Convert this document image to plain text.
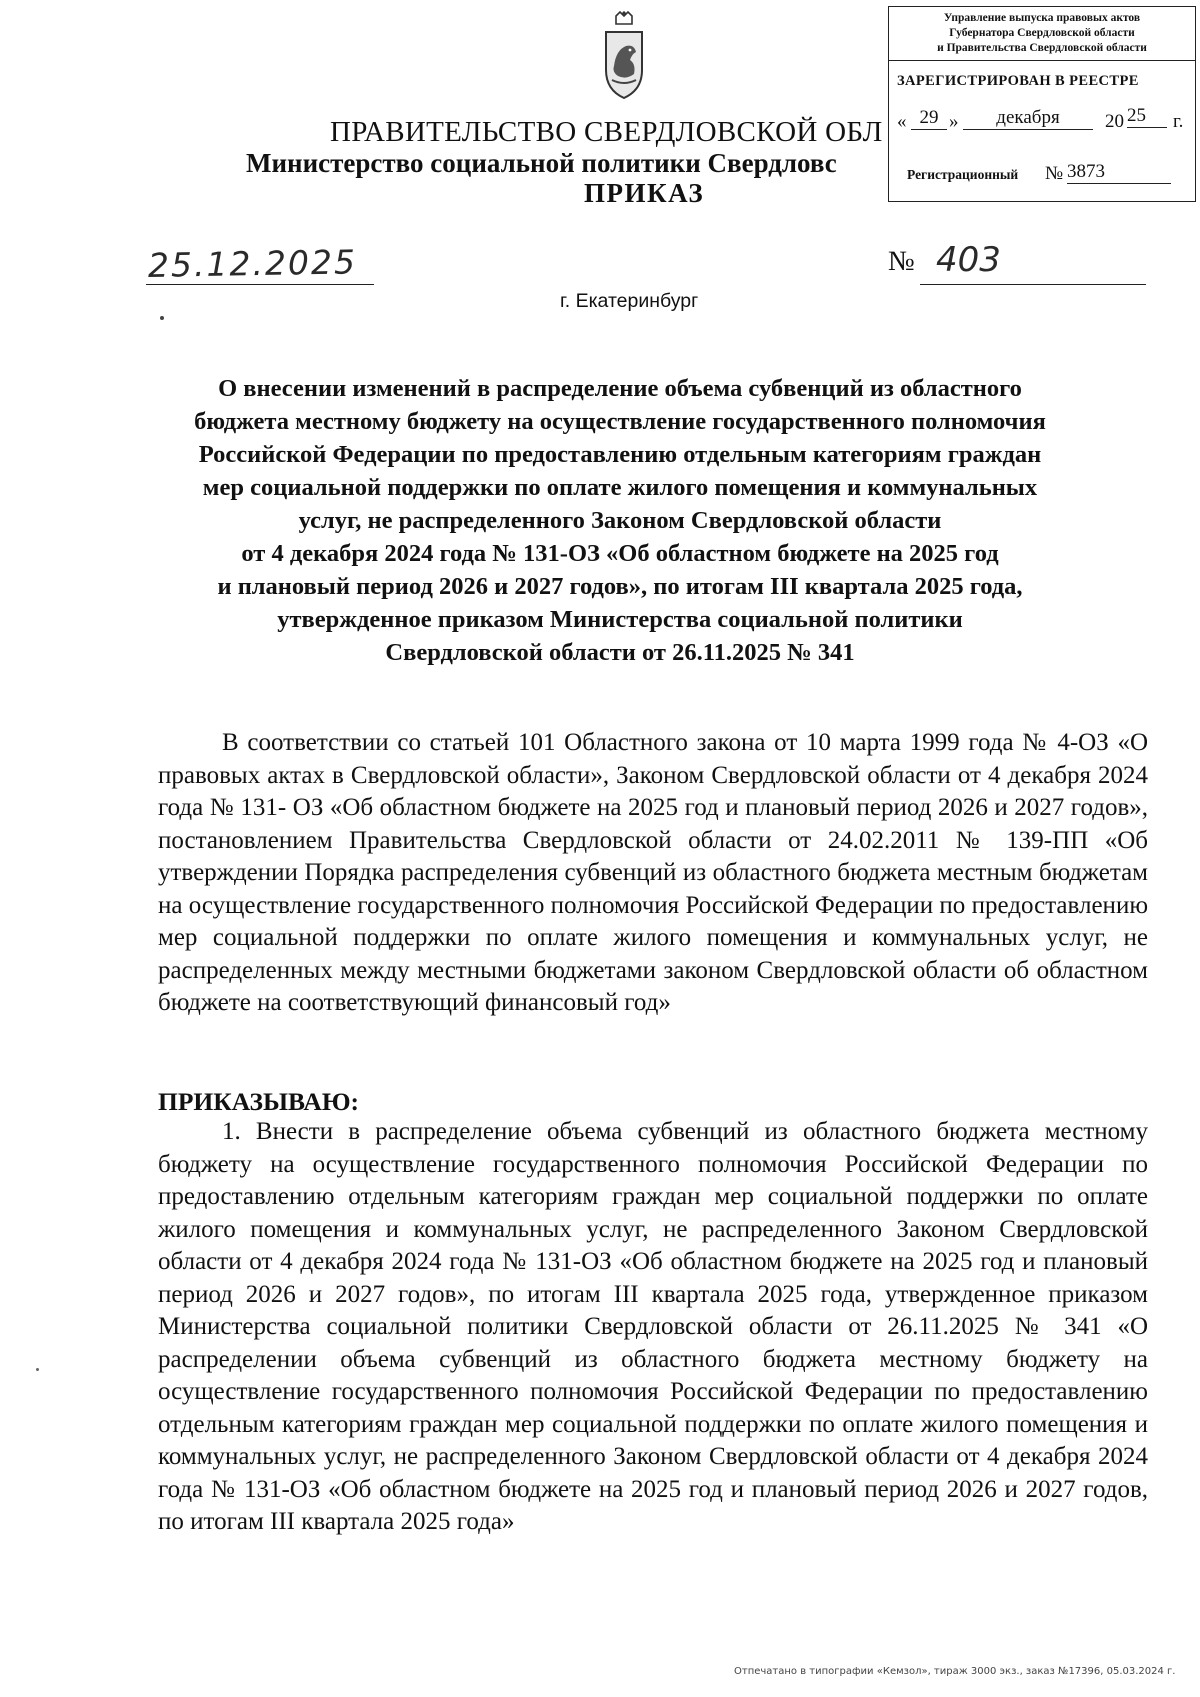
Управление выпуска правовых актов
Губернатора Свердловской области
и Правительства Свердловской области
ЗАРЕГИСТРИРОВАН В РЕЕСТРЕ
« 29 »	декабря	20 25	г.
Регистрационный № 3873
ПРАВИТЕЛЬСТВО СВЕРДЛОВСКОЙ ОБЛ
Министерство социальной политики Свердловс
ПРИКАЗ
25.12.2025	№ 403
г. Екатеринбург
О внесении изменений в распределение объема субвенций из областного
бюджета местному бюджету на осуществление государственного полномочия
Российской Федерации по предоставлению отдельным категориям граждан
мер социальной поддержки по оплате жилого помещения и коммунальных
услуг, не распределенного Законом Свердловской области
от 4 декабря 2024 года № 131-ОЗ «Об областном бюджете на 2025 год
и плановый период 2026 и 2027 годов», по итогам III квартала 2025 года,
утвержденное приказом Министерства социальной политики
Свердловской области от 26.11.2025 № 341
В соответствии со статьей 101 Областного закона от 10 марта 1999 года № 4-ОЗ «О правовых актах в Свердловской области», Законом Свердловской области от 4 декабря 2024 года № 131- ОЗ «Об областном бюджете на 2025 год и плановый период 2026 и 2027 годов», постановлением Правительства Свердловской области от 24.02.2011 № 139-ПП «Об утверждении Порядка распределения субвенций из областного бюджета местным бюджетам на осуществление государственного полномочия Российской Федерации по предоставлению мер социальной поддержки по оплате жилого помещения и коммунальных услуг, не распределенных между местными бюджетами законом Свердловской области об областном бюджете на соответствующий финансовый год»
ПРИКАЗЫВАЮ:
1. Внести в распределение объема субвенций из областного бюджета местному бюджету на осуществление государственного полномочия Российской Федерации по предоставлению отдельным категориям граждан мер социальной поддержки по оплате жилого помещения и коммунальных услуг, не распределенного Законом Свердловской области от 4 декабря 2024 года № 131-ОЗ «Об областном бюджете на 2025 год и плановый период 2026 и 2027 годов», по итогам III квартала 2025 года, утвержденное приказом Министерства социальной политики Свердловской области от 26.11.2025 № 341 «О распределении объема субвенций из областного бюджета местному бюджету на осуществление государственного полномочия Российской Федерации по предоставлению отдельным категориям граждан мер социальной поддержки по оплате жилого помещения и коммунальных услуг, не распределенного Законом Свердловской области от 4 декабря 2024 года № 131-ОЗ «Об областном бюджете на 2025 год и плановый период 2026 и 2027 годов, по итогам III квартала 2025 года»
Отпечатано в типографии «Кемзол», тираж 3000 экз., заказ №17396, 05.03.2024 г.
